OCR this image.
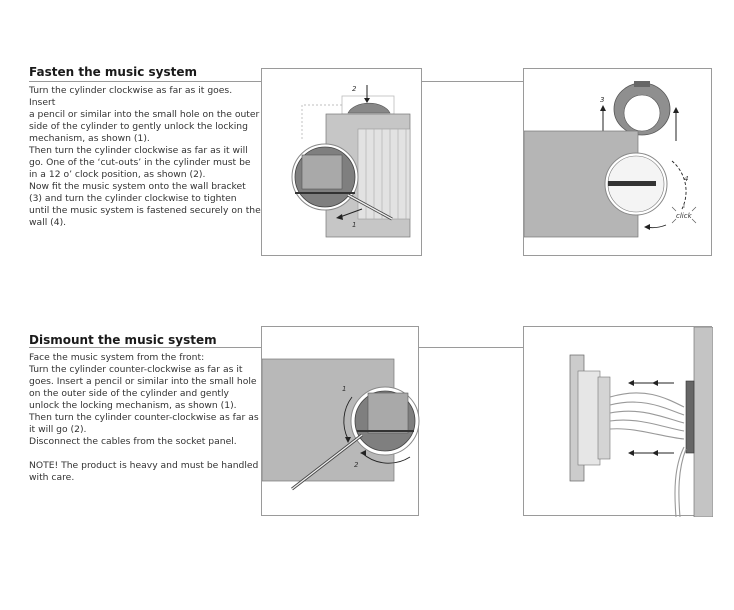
Fasten the music system

Turn the cylinder clockwise as far as it goes. Insert
a pencil or similar into the small hole on the outer
side of the cylinder to gently unlock the locking
mechanism, as shown (1).
Then turn the cylinder clockwise as far as it will
go. One of the ‘cut-outs’ in the cylinder must be
in a 12 o’ clock position, as shown (2).
Now fit the music system onto the wall bracket
(3) and turn the cylinder clockwise to tighten
until the music system is fastened securely on the
wall (4).

2
1
3
4
click
Dismount the music system

Face the music system from the front:
Turn the cylinder counter-clockwise as far as it
goes. Insert a pencil or similar into the small hole
on the outer side of the cylinder and gently
unlock the locking mechanism, as shown (1).
Then turn the cylinder counter-clockwise as far as
it will go (2).
Disconnect the cables from the socket panel.

NOTE! The product is heavy and must be handled
with care.

1
2
